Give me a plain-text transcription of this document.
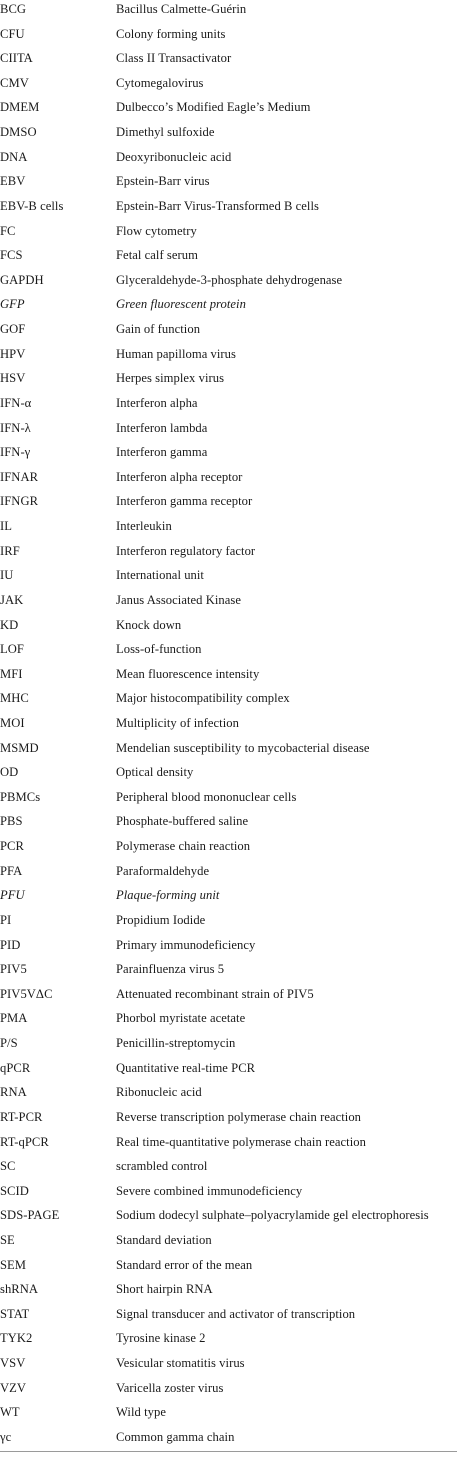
BCG	Bacillus Calmette-Guérin
CFU	Colony forming units
CIITA	Class II Transactivator
CMV	Cytomegalovirus
DMEM	Dulbecco’s Modified Eagle’s Medium
DMSO	Dimethyl sulfoxide
DNA	Deoxyribonucleic acid
EBV	Epstein-Barr virus
EBV-B cells	Epstein-Barr Virus-Transformed B cells
FC	Flow cytometry
FCS	Fetal calf serum
GAPDH	Glyceraldehyde-3-phosphate dehydrogenase
GFP	Green fluorescent protein
GOF	Gain of function
HPV	Human papilloma virus
HSV	Herpes simplex virus
IFN-α	Interferon alpha
IFN-λ	Interferon lambda
IFN-γ	Interferon gamma
IFNAR	Interferon alpha receptor
IFNGR	Interferon gamma receptor
IL	Interleukin
IRF	Interferon regulatory factor
IU	International unit
JAK	Janus Associated Kinase
KD	Knock down
LOF	Loss-of-function
MFI	Mean fluorescence intensity
MHC	Major histocompatibility complex
MOI	Multiplicity of infection
MSMD	Mendelian susceptibility to mycobacterial disease
OD	Optical density
PBMCs	Peripheral blood mononuclear cells
PBS	Phosphate-buffered saline
PCR	Polymerase chain reaction
PFA	Paraformaldehyde
PFU	Plaque-forming unit
PI	Propidium Iodide
PID	Primary immunodeficiency
PIV5	Parainfluenza virus 5
PIV5VΔC	Attenuated recombinant strain of PIV5
PMA	Phorbol myristate acetate
P/S	Penicillin-streptomycin
qPCR	Quantitative real-time PCR
RNA	Ribonucleic acid
RT-PCR	Reverse transcription polymerase chain reaction
RT-qPCR	Real time-quantitative polymerase chain reaction
SC	scrambled control
SCID	Severe combined immunodeficiency
SDS-PAGE	Sodium dodecyl sulphate–polyacrylamide gel electrophoresis
SE	Standard deviation
SEM	Standard error of the mean
shRNA	Short hairpin RNA
STAT	Signal transducer and activator of transcription
TYK2	Tyrosine kinase 2
VSV	Vesicular stomatitis virus
VZV	Varicella zoster virus
WT	Wild type
γc	Common gamma chain
